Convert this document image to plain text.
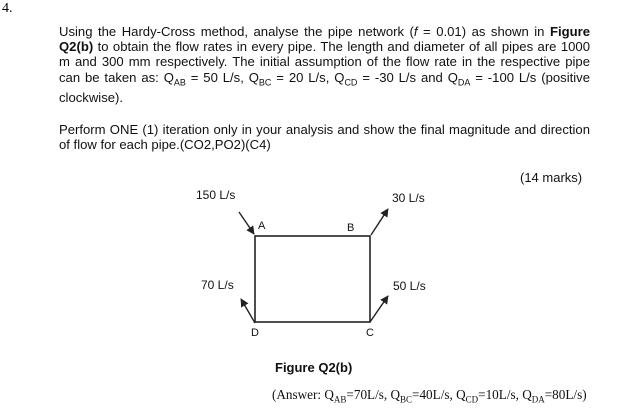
4.
Using the Hardy-Cross method, analyse the pipe network (f = 0.01) as shown in Figure Q2(b) to obtain the flow rates in every pipe. The length and diameter of all pipes are 1000 m and 300 mm respectively. The initial assumption of the flow rate in the respective pipe can be taken as: $Q_{AB} = 50$ L/s, $Q_{BC} = 20$ L/s, $Q_{CD} = -30$ L/s and $Q_{DA} = -100$ L/s (positive clockwise).
Perform ONE (1) iteration only in your analysis and show the final magnitude and direction of flow for each pipe.(CO2,PO2)(C4)
(14 marks)
A	B
C
D
150 L/s	30 L/s
70 L/s	50 L/s
Figure Q2(b)
(Answer: $Q_{AB}=70L/s$, $Q_{BC}=40L/s$, $Q_{CD}=10L/s$, $Q_{DA}=80L/s$)
